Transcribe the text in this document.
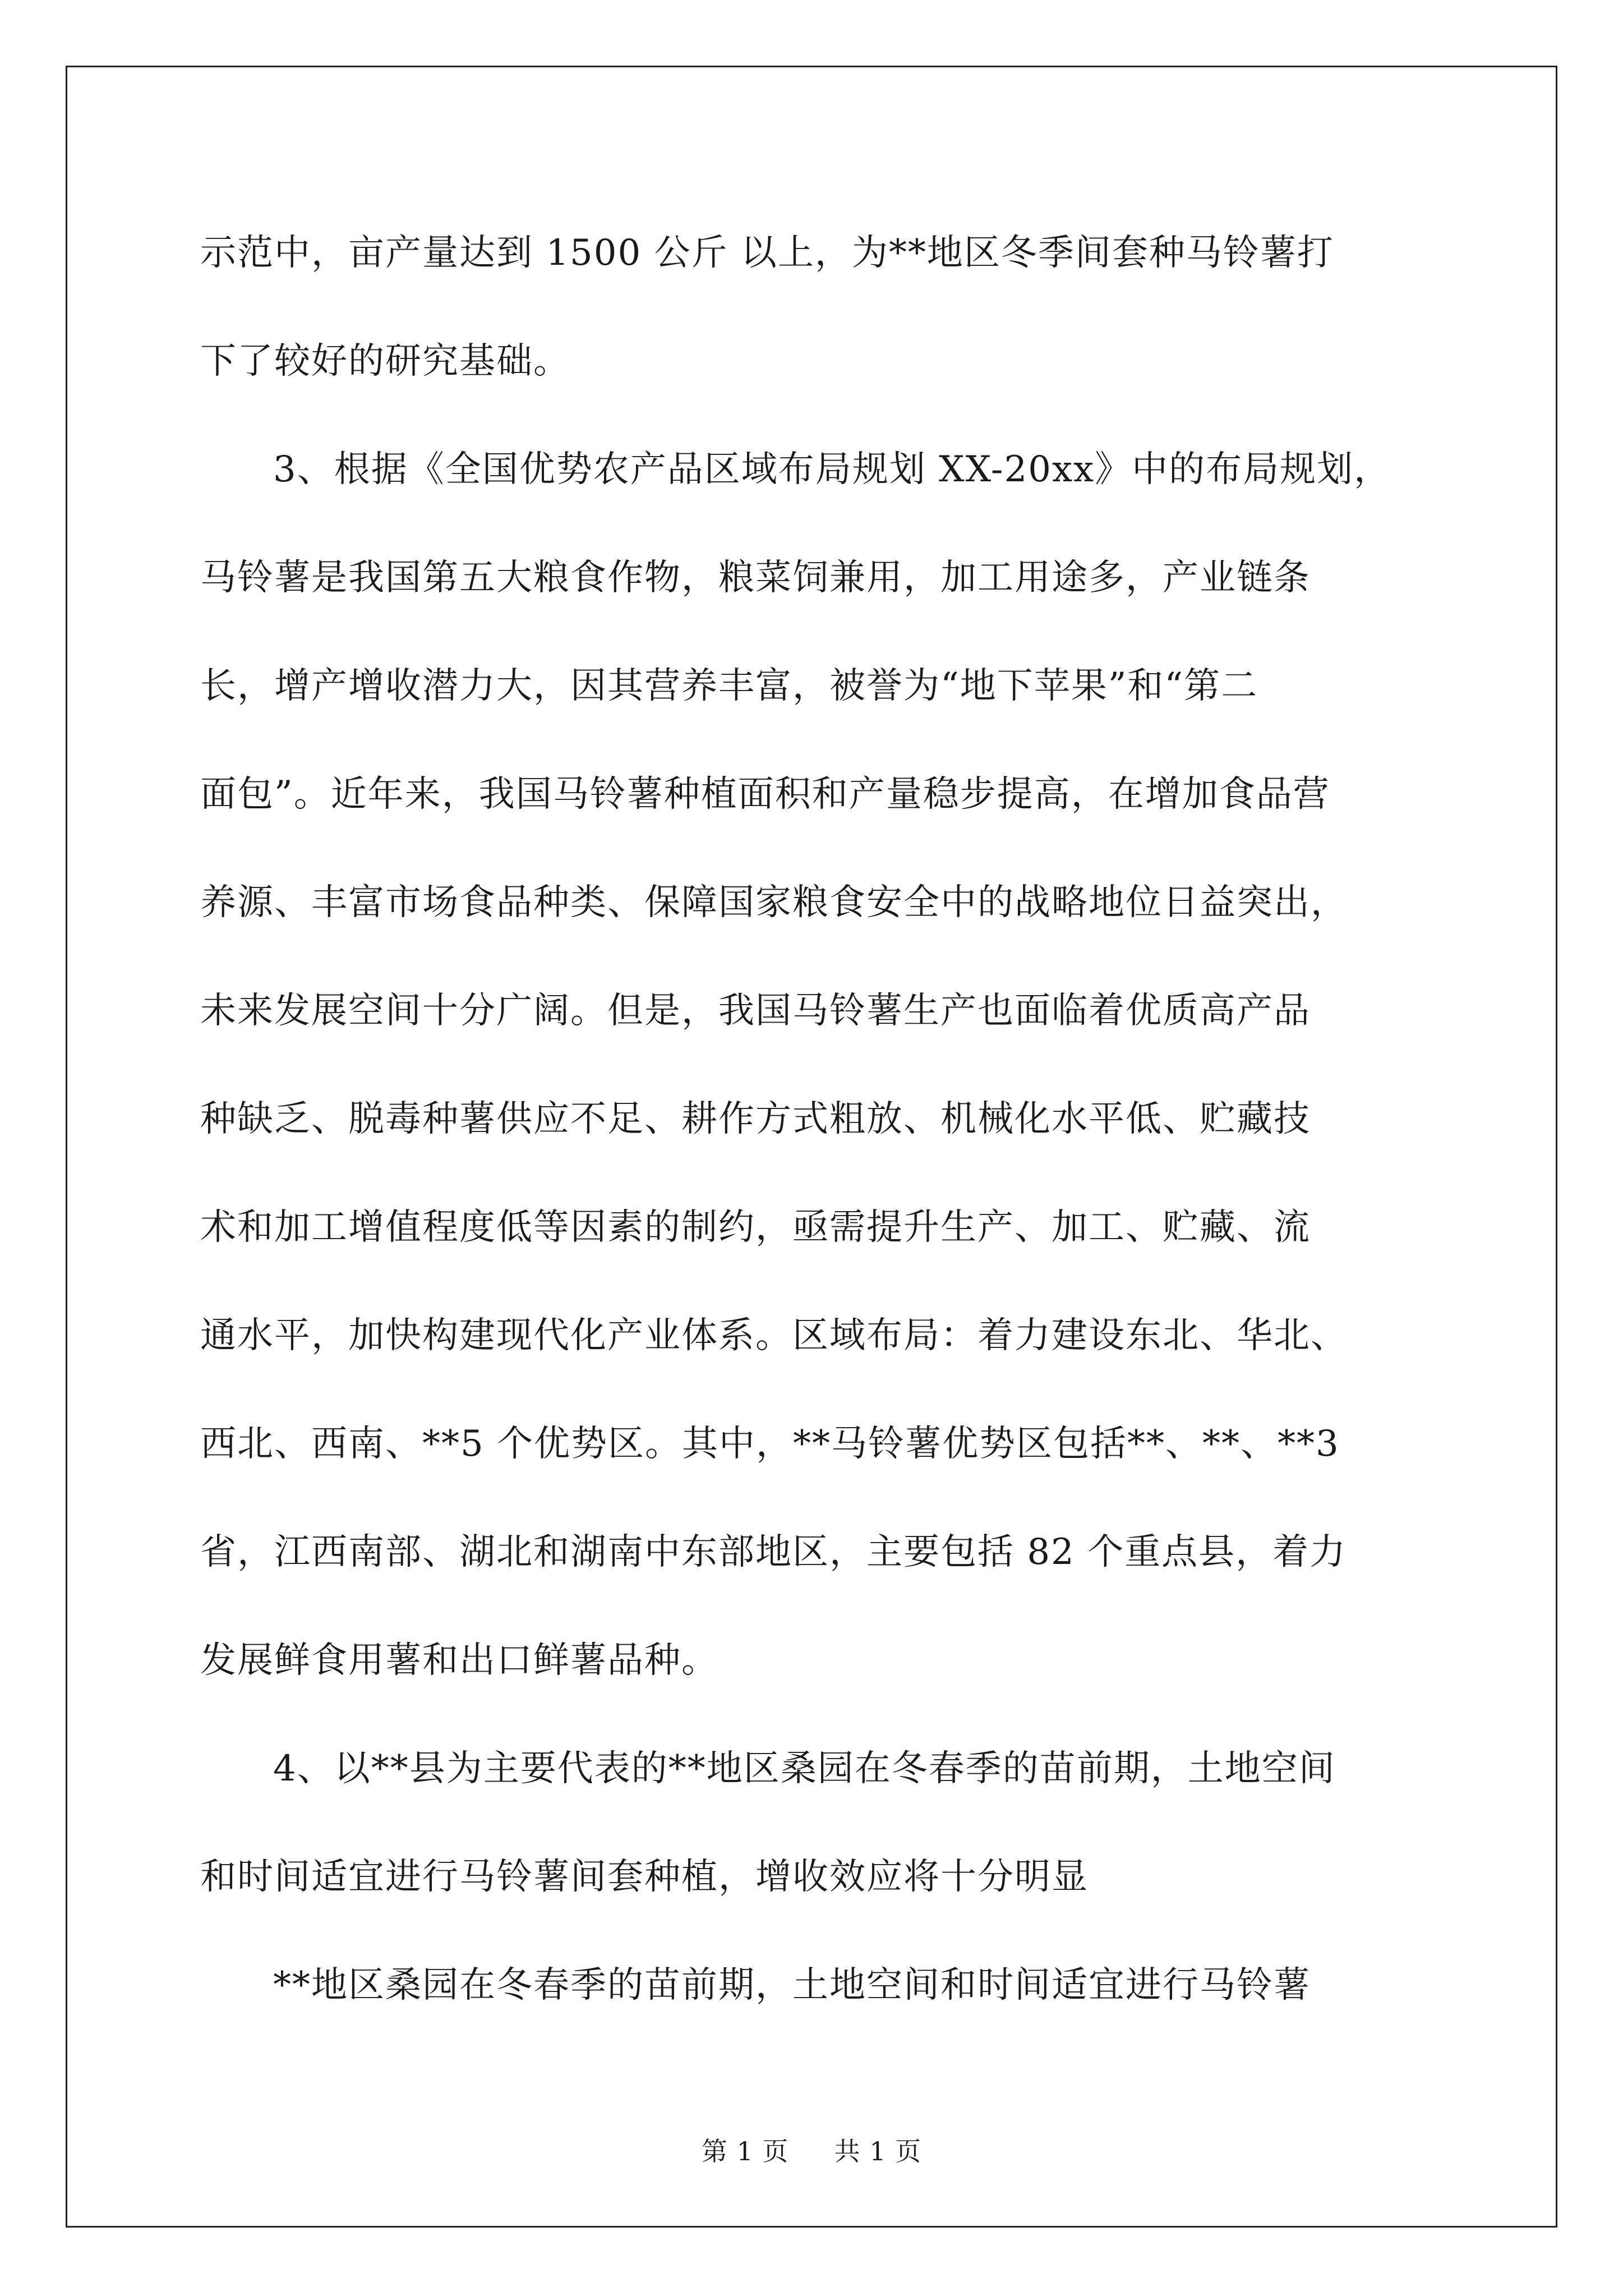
示范中，亩产量达到 1500 公斤 以上，为**地区冬季间套种马铃薯打
下了较好的研究基础。
3、根据《全国优势农产品区域布局规划 XX-20xx》中的布局规划，
马铃薯是我国第五大粮食作物，粮菜饲兼用，加工用途多，产业链条
长，增产增收潜力大，因其营养丰富，被誉为“地下苹果”和“第二
面包”。近年来，我国马铃薯种植面积和产量稳步提高，在增加食品营
养源、丰富市场食品种类、保障国家粮食安全中的战略地位日益突出，
未来发展空间十分广阔。但是，我国马铃薯生产也面临着优质高产品
种缺乏、脱毒种薯供应不足、耕作方式粗放、机械化水平低、贮藏技
术和加工增值程度低等因素的制约，亟需提升生产、加工、贮藏、流
通水平，加快构建现代化产业体系。区域布局：着力建设东北、华北、
西北、西南、**5 个优势区。其中，**马铃薯优势区包括**、**、**3
省，江西南部、湖北和湖南中东部地区，主要包括 82 个重点县，着力
发展鲜食用薯和出口鲜薯品种。
4、以**县为主要代表的**地区桑园在冬春季的苗前期，土地空间
和时间适宜进行马铃薯间套种植，增收效应将十分明显
**地区桑园在冬春季的苗前期，土地空间和时间适宜进行马铃薯
第 1 页 共 1 页
